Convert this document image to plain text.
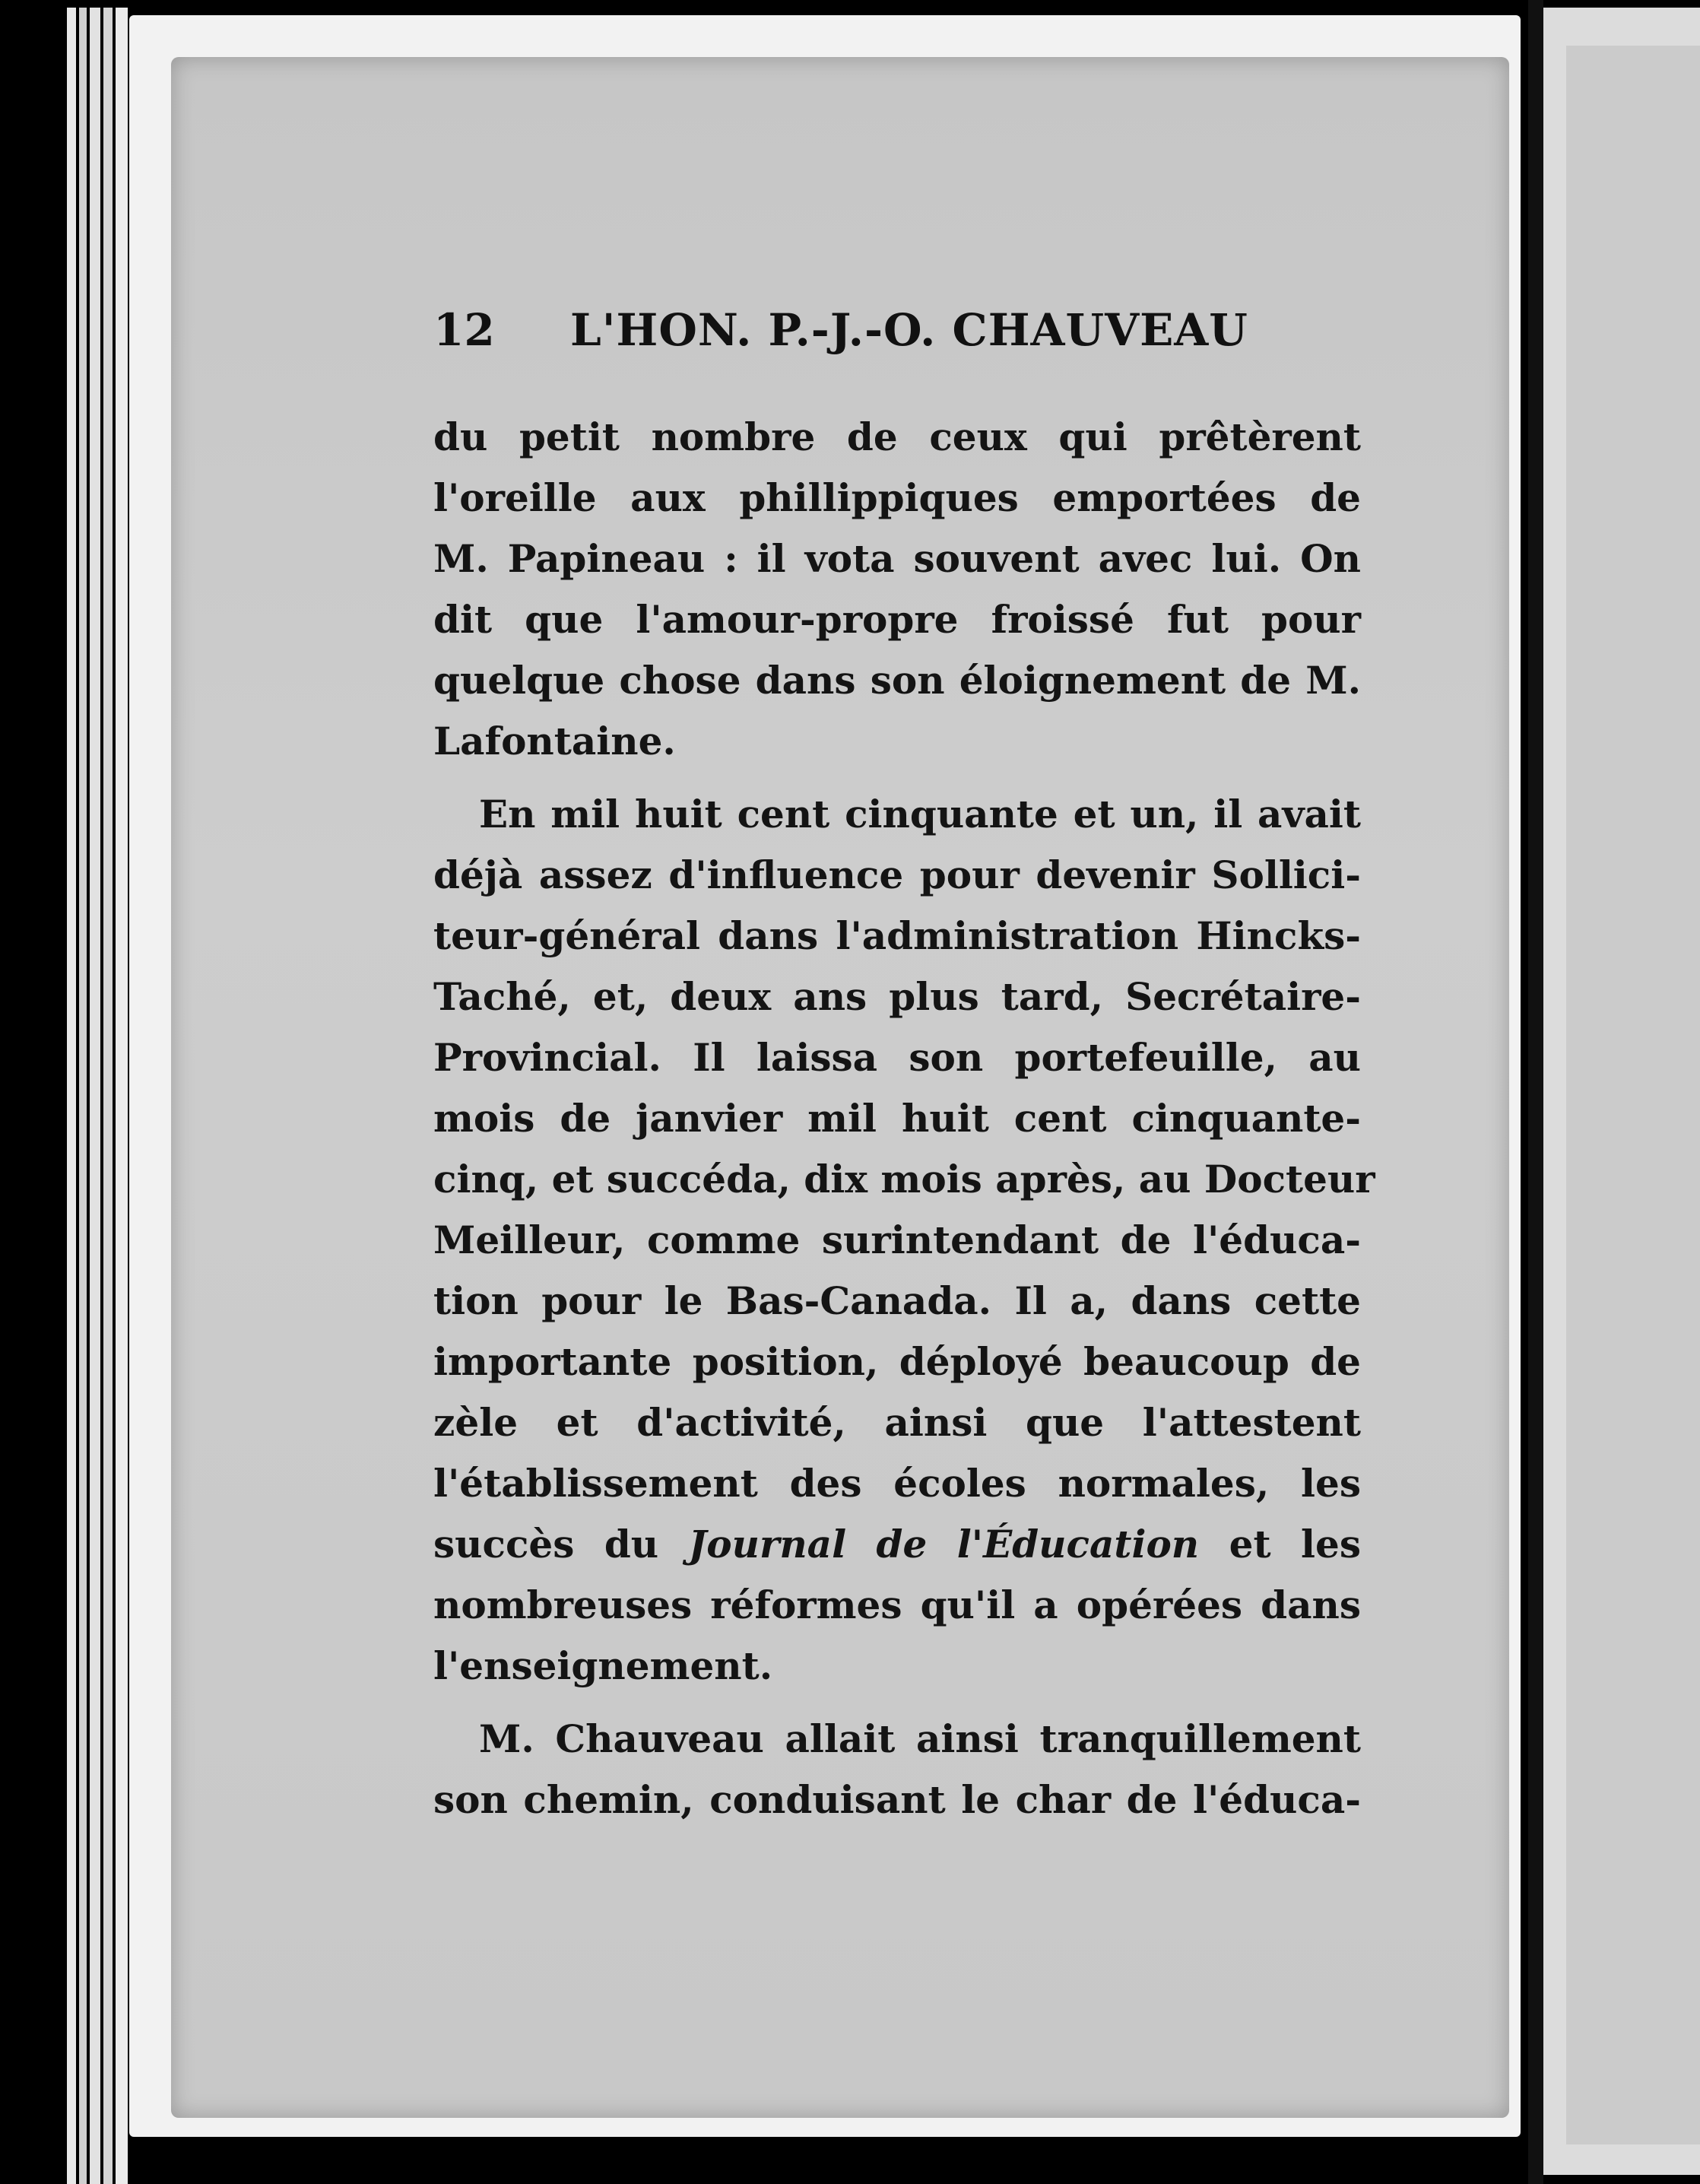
12 L'HON. P.-J.-O. CHAUVEAU
du petit nombre de ceux qui prêtèrent
l'oreille aux phillippiques emportées de
M. Papineau : il vota souvent avec lui. On
dit que l'amour-propre froissé fut pour
quelque chose dans son éloignement de M.
Lafontaine.
En mil huit cent cinquante et un, il avait
déjà assez d'influence pour devenir Sollici-
teur-général dans l'administration Hincks-
Taché, et, deux ans plus tard, Secrétaire-
Provincial. Il laissa son portefeuille, au
mois de janvier mil huit cent cinquante-
cinq, et succéda, dix mois après, au Docteur
Meilleur, comme surintendant de l'éduca-
tion pour le Bas-Canada. Il a, dans cette
importante position, déployé beaucoup de
zèle et d'activité, ainsi que l'attestent
l'établissement des écoles normales, les
succès du Journal de l'Éducation et les
nombreuses réformes qu'il a opérées dans
l'enseignement.
M. Chauveau allait ainsi tranquillement
son chemin, conduisant le char de l'éduca-
